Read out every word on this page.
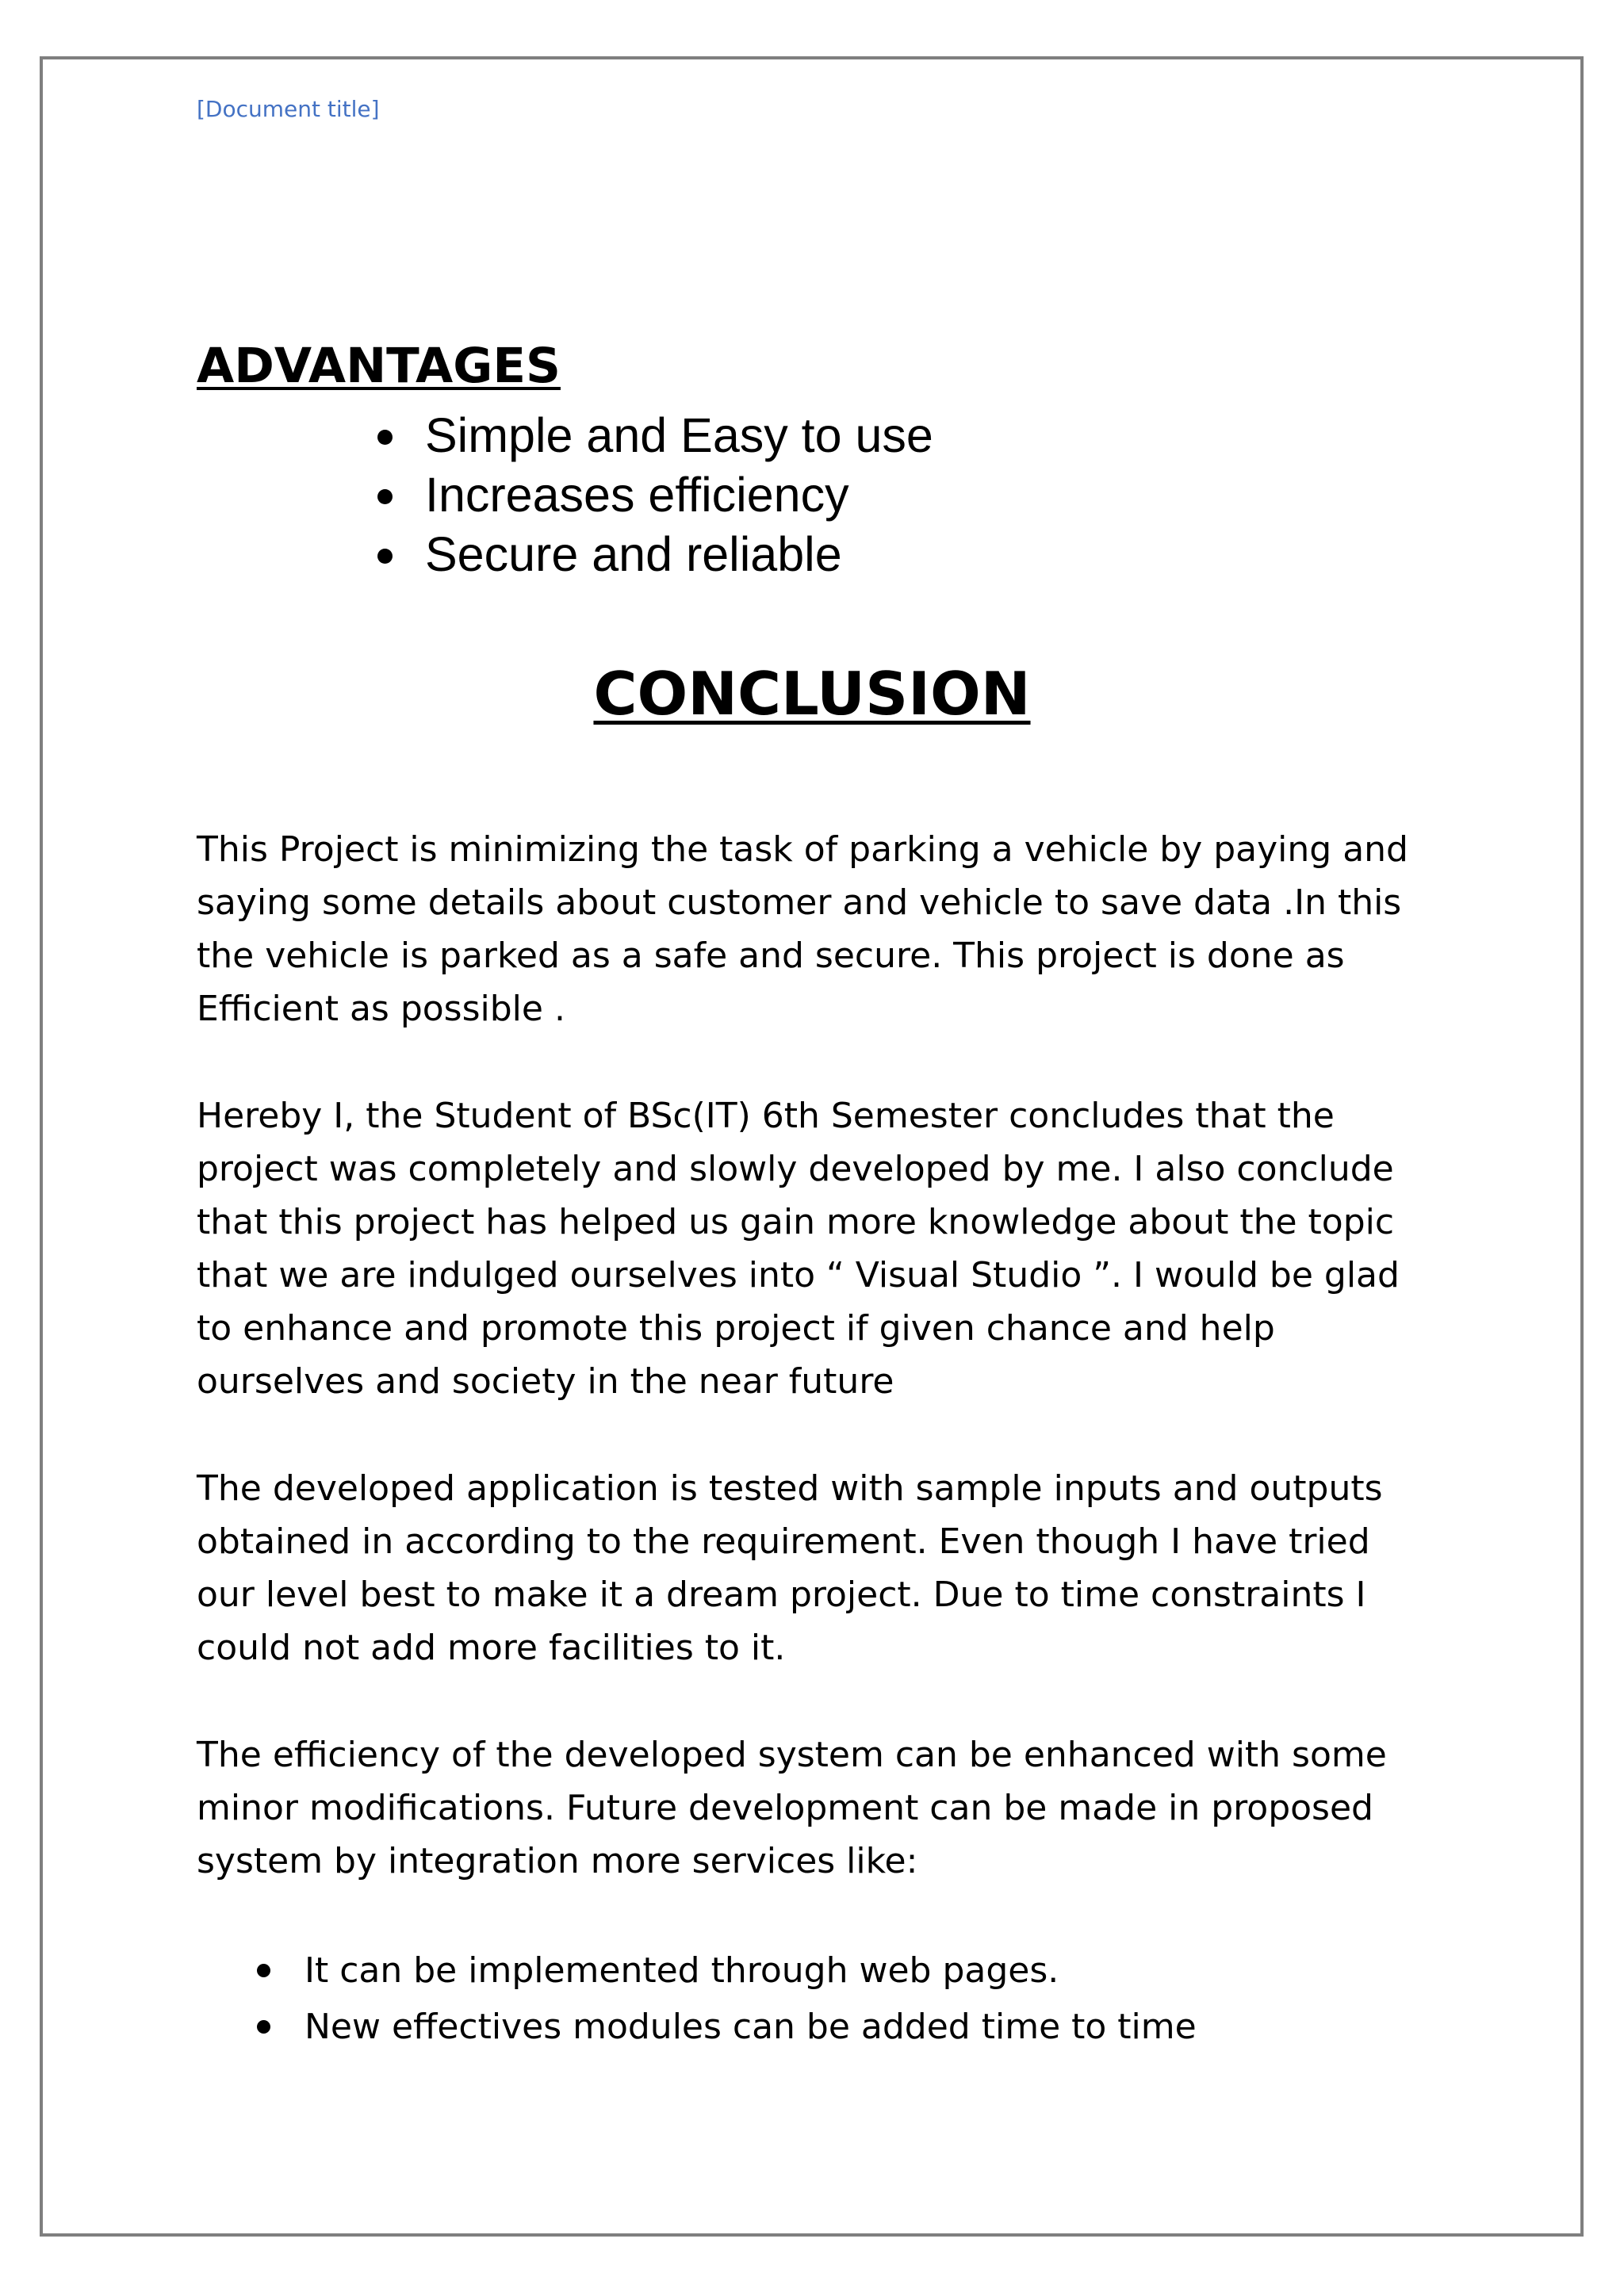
[Document title]
ADVANTAGES
Simple and Easy to use
Increases efficiency
Secure and reliable
CONCLUSION

This Project is minimizing the task of parking a vehicle by paying and saying some details about customer and vehicle to save data .In this the vehicle is parked as a safe and secure. This project is done as Efficient as possible .

Hereby I, the Student of BSc(IT) 6th Semester concludes that the project was completely and slowly developed by me. I also conclude that this project has helped us gain more knowledge about the topic that we are indulged ourselves into “ Visual Studio ”. I would be glad to enhance and promote this project if given chance and help ourselves and society in the near future

The developed application is tested with sample inputs and outputs obtained in according to the requirement. Even though I have tried our level best to make it a dream project. Due to time constraints I could not add more facilities to it.

The efficiency of the developed system can be enhanced with some minor modifications. Future development can be made in proposed system by integration more services like:

It can be implemented through web pages.
New effectives modules can be added time to time
